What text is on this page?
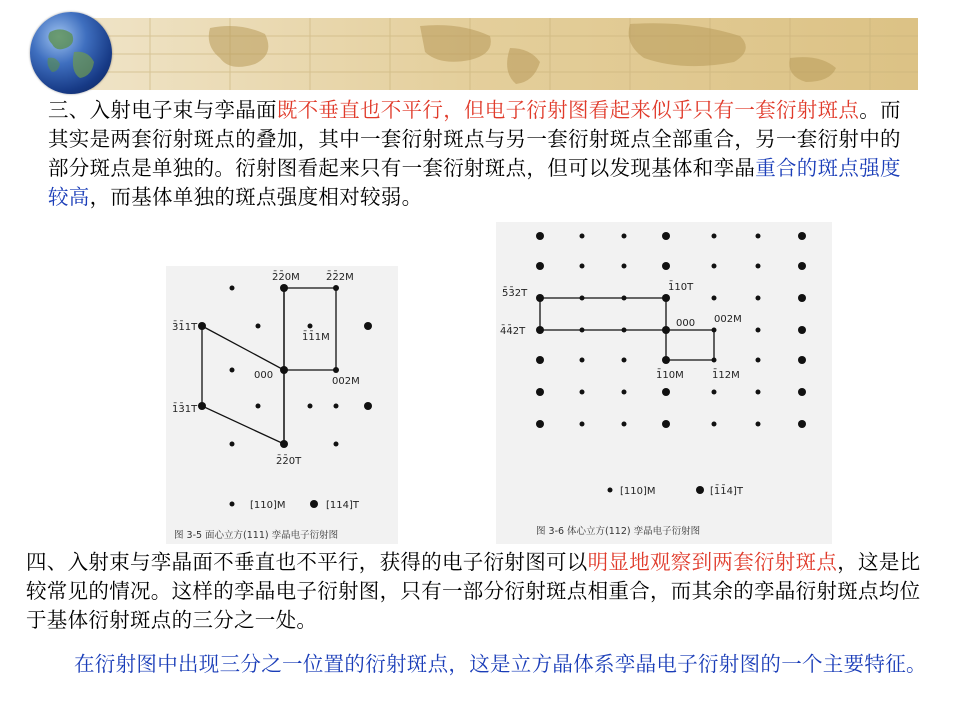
三、入射电子束与孪晶面既不垂直也不平行，但电子衍射图看起来似乎只有一套衍射斑点。而其实是两套衍射斑点的叠加，其中一套衍射斑点与另一套衍射斑点全部重合，另一套衍射中的部分斑点是单独的。衍射图看起来只有一套衍射斑点，但可以发现基体和孪晶重合的斑点强度较高，而基体单独的斑点强度相对较弱。
2̄2̄0M	2̄2̄2M
3̄1̄1T
1̄1̄1M
000
002M
1̄3̄1T
2̄2̄0T
[110]M	[114]T
图 3-5 面心立方(111) 孪晶电子衍射图
5̄3̄2T
1̄10T
4̄4̄2T
000 002M
1̄10M	1̄12M
[110]M	[1̄1̄4]T
图 3-6 体心立方(112) 孪晶电子衍射图
四、入射束与孪晶面不垂直也不平行，获得的电子衍射图可以明显地观察到两套衍射斑点，这是比较常见的情况。这样的孪晶电子衍射图，只有一部分衍射斑点相重合，而其余的孪晶衍射斑点均位于基体衍射斑点的三分之一处。
在衍射图中出现三分之一位置的衍射斑点，这是立方晶体系孪晶电子衍射图的一个主要特征。
